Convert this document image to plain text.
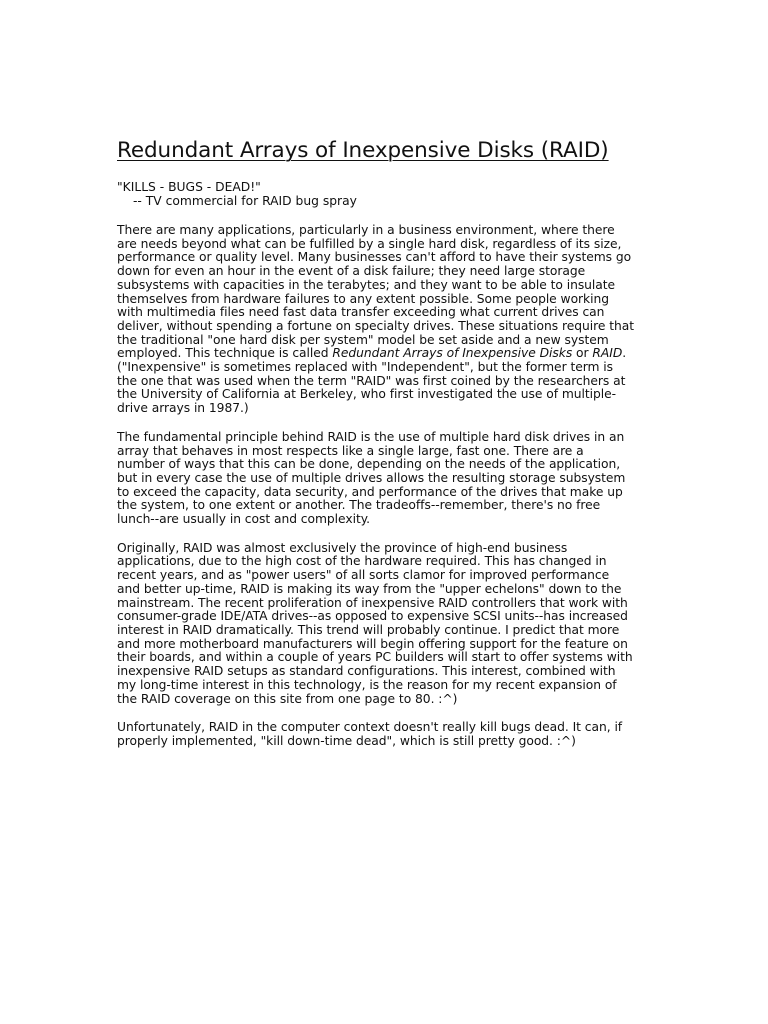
Redundant Arrays of Inexpensive Disks (RAID)
"KILLS - BUGS - DEAD!"
-- TV commercial for RAID bug spray

There are many applications, particularly in a business environment, where there
are needs beyond what can be fulfilled by a single hard disk, regardless of its size,
performance or quality level. Many businesses can't afford to have their systems go
down for even an hour in the event of a disk failure; they need large storage
subsystems with capacities in the terabytes; and they want to be able to insulate
themselves from hardware failures to any extent possible. Some people working
with multimedia files need fast data transfer exceeding what current drives can
deliver, without spending a fortune on specialty drives. These situations require that
the traditional "one hard disk per system" model be set aside and a new system
employed. This technique is called Redundant Arrays of Inexpensive Disks or RAID.
("Inexpensive" is sometimes replaced with "Independent", but the former term is
the one that was used when the term "RAID" was first coined by the researchers at
the University of California at Berkeley, who first investigated the use of multiple-
drive arrays in 1987.)

The fundamental principle behind RAID is the use of multiple hard disk drives in an
array that behaves in most respects like a single large, fast one. There are a
number of ways that this can be done, depending on the needs of the application,
but in every case the use of multiple drives allows the resulting storage subsystem
to exceed the capacity, data security, and performance of the drives that make up
the system, to one extent or another. The tradeoffs--remember, there's no free
lunch--are usually in cost and complexity.

Originally, RAID was almost exclusively the province of high-end business
applications, due to the high cost of the hardware required. This has changed in
recent years, and as "power users" of all sorts clamor for improved performance
and better up-time, RAID is making its way from the "upper echelons" down to the
mainstream. The recent proliferation of inexpensive RAID controllers that work with
consumer-grade IDE/ATA drives--as opposed to expensive SCSI units--has increased
interest in RAID dramatically. This trend will probably continue. I predict that more
and more motherboard manufacturers will begin offering support for the feature on
their boards, and within a couple of years PC builders will start to offer systems with
inexpensive RAID setups as standard configurations. This interest, combined with
my long-time interest in this technology, is the reason for my recent expansion of
the RAID coverage on this site from one page to 80. :^)

Unfortunately, RAID in the computer context doesn't really kill bugs dead. It can, if
properly implemented, "kill down-time dead", which is still pretty good. :^)
